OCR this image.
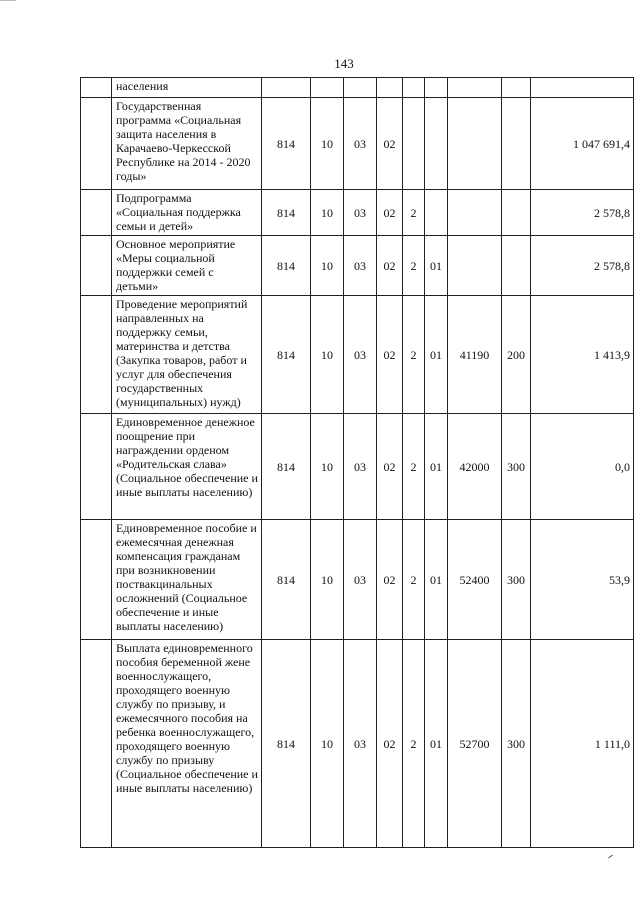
143
	населения									
	Государственная программа «Социальная защита населения в Карачаево-Черкесской Республике на 2014 - 2020 годы»	814	10	03	02					1 047 691,4
	Подпрограмма «Социальная поддержка семьи и детей»	814	10	03	02	2				2 578,8
	Основное мероприятие «Меры социальной поддержки семей с детьми»	814	10	03	02	2	01			2 578,8
	Проведение мероприятий направленных на поддержку семьи, материнства и детства (Закупка товаров, работ и услуг для обеспечения государственных (муниципальных) нужд)	814	10	03	02	2	01	41190	200	1 413,9
	Единовременное денежное поощрение при награждении орденом «Родительская слава» (Социальное обеспечение и иные выплаты населению)	814	10	03	02	2	01	42000	300	0,0
	Единовременное пособие и ежемесячная денежная компенсация гражданам при возникновении поствакцинальных осложнений (Социальное обеспечение и иные выплаты населению)	814	10	03	02	2	01	52400	300	53,9
	Выплата единовременного пособия беременной жене военнослужащего, проходящего военную службу по призыву, и ежемесячного пособия на ребенка военнослужащего, проходящего военную службу по призыву (Социальное обеспечение и иные выплаты населению)	814	10	03	02	2	01	52700	300	1 111,0
